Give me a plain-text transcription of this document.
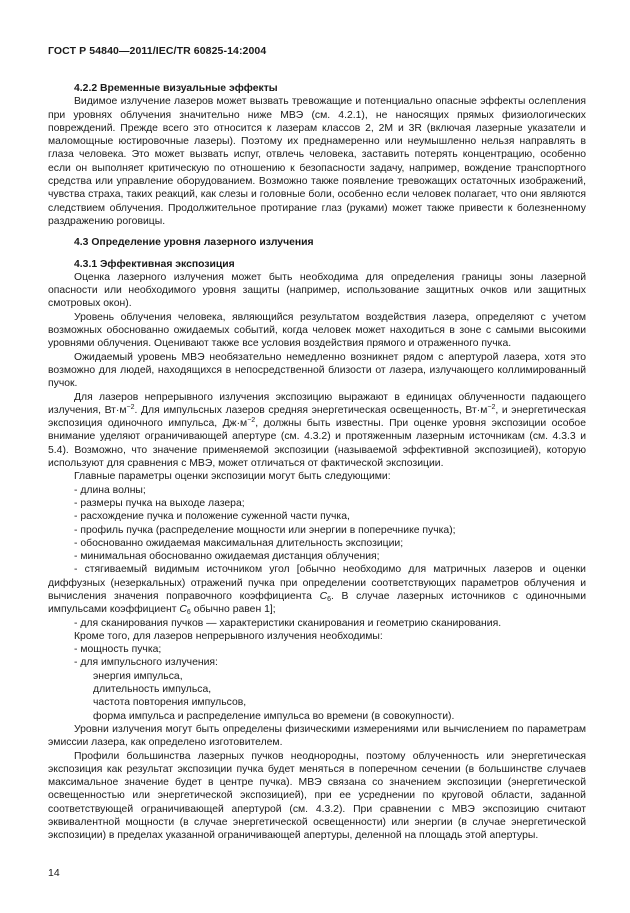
ГОСТ Р 54840—2011/IEC/TR 60825-14:2004

4.2.2 Временные визуальные эффекты

Видимое излучение лазеров может вызвать тревожащие и потенциально опасные эффекты ослепления при уровнях облучения значительно ниже МВЭ (см. 4.2.1), не наносящих прямых физиологических повреждений. Прежде всего это относится к лазерам классов 2, 2М и 3R (включая лазерные указатели и маломощные юстировочные лазеры). Поэтому их преднамеренно или неумышленно нельзя направлять в глаза человека. Это может вызвать испуг, отвлечь человека, заставить потерять концентрацию, особенно если он выполняет критическую по отношению к безопасности задачу, например, вождение транспортного средства или управление оборудованием. Возможно также появление тревожащих остаточных изображений, чувства страха, таких реакций, как слезы и головные боли, особенно если человек полагает, что они являются следствием облучения. Продолжительное протирание глаз (руками) может также привести к болезненному раздражению роговицы.

4.3 Определение уровня лазерного излучения

4.3.1 Эффективная экспозиция

Оценка лазерного излучения может быть необходима для определения границы зоны лазерной опасности или необходимого уровня защиты (например, использование защитных очков или защитных смотровых окон).

Уровень облучения человека, являющийся результатом воздействия лазера, определяют с учетом возможных обоснованно ожидаемых событий, когда человек может находиться в зоне с самыми высокими уровнями облучения. Оценивают также все условия воздействия прямого и отраженного пучка.

Ожидаемый уровень МВЭ необязательно немедленно возникнет рядом с апертурой лазера, хотя это возможно для людей, находящихся в непосредственной близости от лазера, излучающего коллимированный пучок.

Для лазеров непрерывного излучения экспозицию выражают в единицах облученности падающего излучения, $Вт\cdot м^{-2}$. Для импульсных лазеров средняя энергетическая освещенность, $Вт\cdot м^{-2}$, и энергетическая экспозиция одиночного импульса, $Дж\cdot м^{-2}$, должны быть известны. При оценке уровня экспозиции особое внимание уделяют ограничивающей апертуре (см. 4.3.2) и протяженным лазерным источникам (см. 4.3.3 и 5.4). Возможно, что значение применяемой экспозиции (называемой эффективной экспозицией), которую используют для сравнения с МВЭ, может отличаться от фактической экспозиции.

Главные параметры оценки экспозиции могут быть следующими:

- длина волны;

- размеры пучка на выходе лазера;

- расхождение пучка и положение суженной части пучка,

- профиль пучка (распределение мощности или энергии в поперечнике пучка);

- обоснованно ожидаемая максимальная длительность экспозиции;

- минимальная обоснованно ожидаемая дистанция облучения;

- стягиваемый видимым источником угол [обычно необходимо для матричных лазеров и оценки диффузных (незеркальных) отражений пучка при определении соответствующих параметров облучения и вычисления значения поправочного коэффициента $C_6$. В случае лазерных источников с одиночными импульсами коэффициент $C_6$ обычно равен 1];

- для сканирования пучков — характеристики сканирования и геометрию сканирования.

Кроме того, для лазеров непрерывного излучения необходимы:

- мощность пучка;

- для импульсного излучения:

энергия импульса,

длительность импульса,

частота повторения импульсов,

форма импульса и распределение импульса во времени (в совокупности).

Уровни излучения могут быть определены физическими измерениями или вычислением по параметрам эмиссии лазера, как определено изготовителем.

Профили большинства лазерных пучков неоднородны, поэтому облученность или энергетическая экспозиция как результат экспозиции пучка будет меняться в поперечном сечении (в большинстве случаев максимальное значение будет в центре пучка). МВЭ связана со значением экспозиции (энергетической освещенностью или энергетической экспозицией), при ее усреднении по круговой области, заданной соответствующей ограничивающей апертурой (см. 4.3.2). При сравнении с МВЭ экспозицию считают эквивалентной мощности (в случае энергетической освещенности) или энергии (в случае энергетической экспозиции) в пределах указанной ограничивающей апертуры, деленной на площадь этой апертуры.

14
